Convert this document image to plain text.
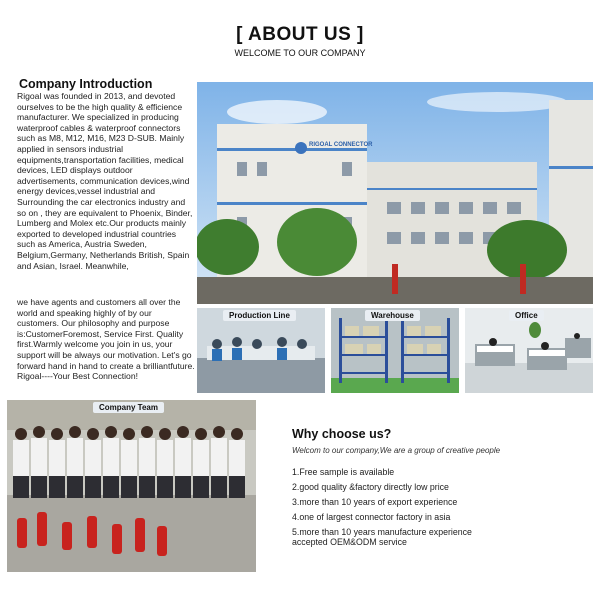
[ ABOUT US ]
WELCOME TO OUR COMPANY
Company Introduction

Rigoal was founded in 2013, and devoted ourselves to be the high quality & efficience manufacturer. We specialized in producing waterproof cables & waterproof connectors such as M8, M12, M16, M23 D-SUB. Mainly applied in sensors industrial equipments,transportation facilities, medical devices, LED displays outdoor advertisements, communication devices,wind energy devices,vessel industrial and Surrounding the car electronics industry and so on , they are equivalent to Phoenix, Binder, Lumberg and Molex etc.Our products mainly exported to developed industrial countries such as America, Austria Sweden, Belgium,Germany, Netherlands British, Spain and Asian, Israel. Meanwhile,

we have agents and customers all over the world and speaking highly of by our customers. Our philosophy and purpose is:CustomerForemost, Service First. Quality first.Warmly welcome you join in us, your support will be always our motivation. Let's go forward hand in hand to create a brilliantfuture. Rigoal----Your Best Connection!

RIGOAL CONNECTOR
Production Line	Warehouse	Office
Company Team
Why choose us?
Welcom to our company,We are a group of creative people
1.Free sample is available
2.good quality &factory directly low price
3.more than 10 years of export experience
4.one of largest connector factory in asia
5.more than 10 years manufacture experience accepted OEM&ODM service
